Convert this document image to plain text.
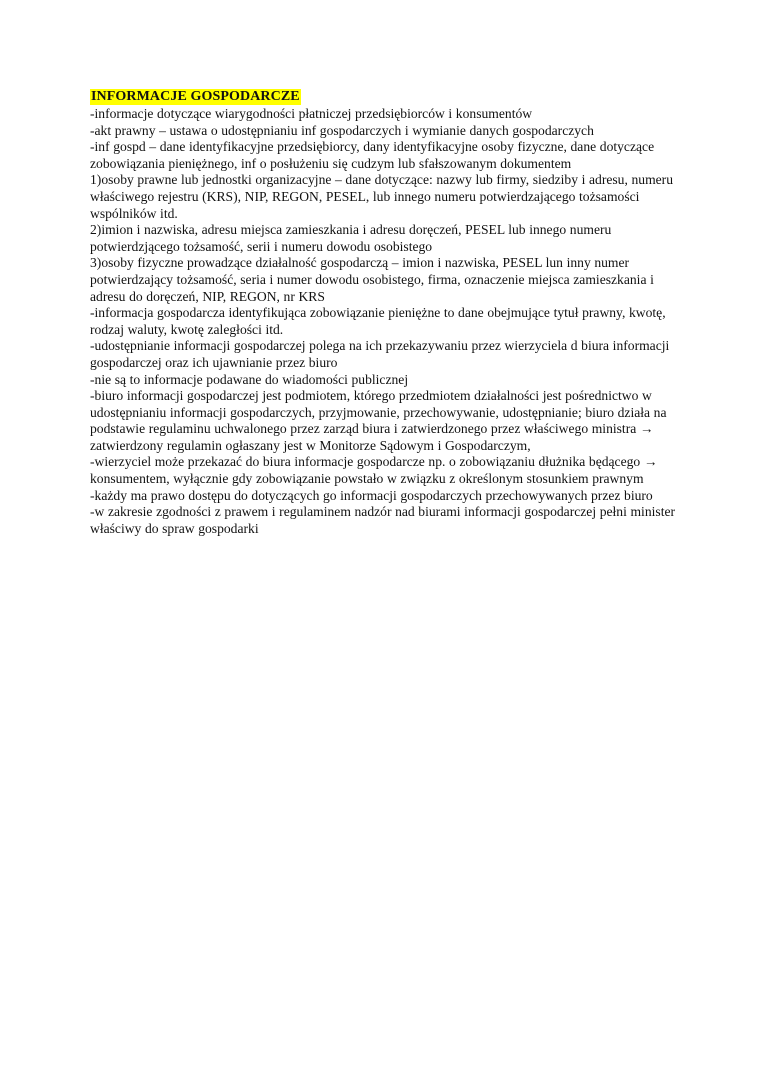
INFORMACJE GOSPODARCZE

-informacje dotyczące wiarygodności płatniczej przedsiębiorców i konsumentów

-akt prawny – ustawa o udostępnianiu inf gospodarczych i wymianie danych gospodarczych

-inf gospd – dane identyfikacyjne przedsiębiorcy, dany identyfikacyjne osoby fizyczne, dane dotyczące zobowiązania pieniężnego, inf o posłużeniu się cudzym lub sfałszowanym dokumentem

1)osoby prawne lub jednostki organizacyjne – dane dotyczące: nazwy lub firmy, siedziby i adresu, numeru właściwego rejestru (KRS), NIP, REGON, PESEL, lub innego numeru potwierdzającego tożsamości wspólników itd.

2)imion i nazwiska, adresu miejsca zamieszkania i adresu doręczeń, PESEL lub innego numeru potwierdzjącego tożsamość, serii i numeru dowodu osobistego

3)osoby fizyczne prowadzące działalność gospodarczą – imion i nazwiska, PESEL lun inny numer potwierdzający tożsamość, seria i numer dowodu osobistego, firma, oznaczenie miejsca zamieszkania i adresu do doręczeń, NIP, REGON, nr KRS

-informacja gospodarcza identyfikująca zobowiązanie pieniężne to dane obejmujące tytuł prawny, kwotę, rodzaj waluty, kwotę zaległości itd.

-udostępnianie informacji gospodarczej polega na ich przekazywaniu przez wierzyciela d biura informacji gospodarczej oraz ich ujawnianie przez biuro

-nie są to informacje podawane do wiadomości publicznej

-biuro informacji gospodarczej jest podmiotem, którego przedmiotem działalności jest pośrednictwo w udostępnianiu informacji gospodarczych, przyjmowanie, przechowywanie, udostępnianie; biuro działa na podstawie regulaminu uchwalonego przez zarząd biura i zatwierdzonego przez właściwego ministra → zatwierdzony regulamin ogłaszany jest w Monitorze Sądowym i Gospodarczym,

-wierzyciel może przekazać do biura informacje gospodarcze np. o zobowiązaniu dłużnika będącego → konsumentem, wyłącznie gdy zobowiązanie powstało w związku z określonym stosunkiem prawnym

-każdy ma prawo dostępu do dotyczących go informacji gospodarczych przechowywanych przez biuro

-w zakresie zgodności z prawem i regulaminem nadzór nad biurami informacji gospodarczej pełni minister właściwy do spraw gospodarki
